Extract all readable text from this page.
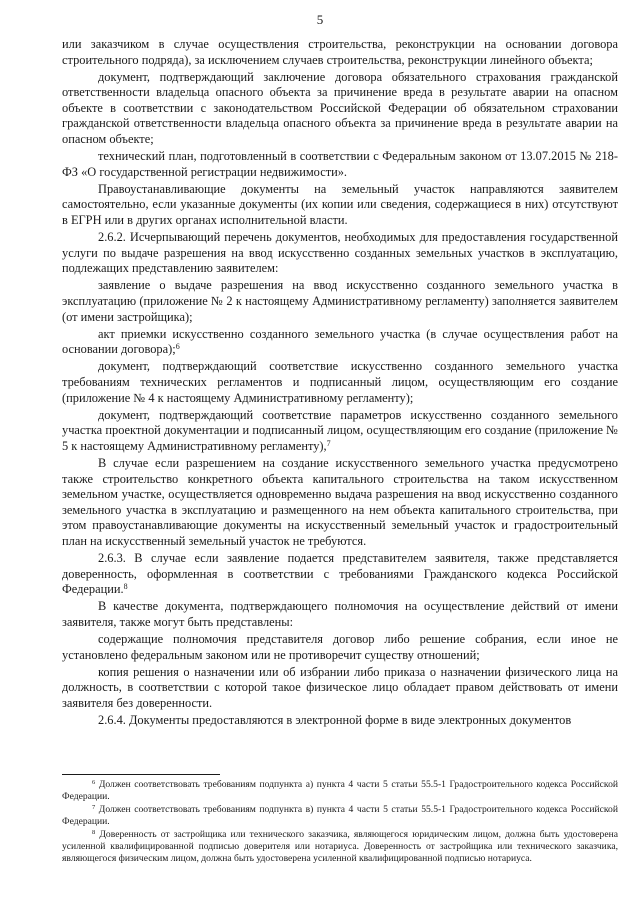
5

или заказчиком в случае осуществления строительства, реконструкции на основании договора строительного подряда), за исключением случаев строительства, реконструкции линейного объекта;

документ, подтверждающий заключение договора обязательного страхования гражданской ответственности владельца опасного объекта за причинение вреда в результате аварии на опасном объекте в соответствии с законодательством Российской Федерации об обязательном страховании гражданской ответственности владельца опасного объекта за причинение вреда в результате аварии на опасном объекте;

технический план, подготовленный в соответствии с Федеральным законом от 13.07.2015 № 218-ФЗ «О государственной регистрации недвижимости».

Правоустанавливающие документы на земельный участок направляются заявителем самостоятельно, если указанные документы (их копии или сведения, содержащиеся в них) отсутствуют в ЕГРН или в других органах исполнительной власти.

2.6.2. Исчерпывающий перечень документов, необходимых для предоставления государственной услуги по выдаче разрешения на ввод искусственно созданных земельных участков в эксплуатацию, подлежащих представлению заявителем:

заявление о выдаче разрешения на ввод искусственно созданного земельного участка в эксплуатацию (приложение № 2 к настоящему Административному регламенту) заполняется заявителем (от имени застройщика);

акт приемки искусственно созданного земельного участка (в случае осуществления работ на основании договора);$^6$

документ, подтверждающий соответствие искусственно созданного земельного участка требованиям технических регламентов и подписанный лицом, осуществляющим его создание (приложение № 4 к настоящему Административному регламенту);

документ, подтверждающий соответствие параметров искусственно созданного земельного участка проектной документации и подписанный лицом, осуществляющим его создание (приложение № 5 к настоящему Административному регламенту),$^7$

В случае если разрешением на создание искусственного земельного участка предусмотрено также строительство конкретного объекта капитального строительства на таком искусственном земельном участке, осуществляется одновременно выдача разрешения на ввод искусственно созданного земельного участка в эксплуатацию и размещенного на нем объекта капитального строительства, при этом правоустанавливающие документы на искусственный земельный участок и градостроительный план на искусственный земельный участок не требуются.

2.6.3. В случае если заявление подается представителем заявителя, также представляется доверенность, оформленная в соответствии с требованиями Гражданского кодекса Российской Федерации.$^8$

В качестве документа, подтверждающего полномочия на осуществление действий от имени заявителя, также могут быть представлены:

содержащие полномочия представителя договор либо решение собрания, если иное не установлено федеральным законом или не противоречит существу отношений;

копия решения о назначении или об избрании либо приказа о назначении физического лица на должность, в соответствии с которой такое физическое лицо обладает правом действовать от имени заявителя без доверенности.

2.6.4. Документы предоставляются в электронной форме в виде электронных документов

$^6$ Должен соответствовать требованиям подпункта а) пункта 4 части 5 статьи 55.5-1 Градостроительного кодекса Российской Федерации.

$^7$ Должен соответствовать требованиям подпункта в) пункта 4 части 5 статьи 55.5-1 Градостроительного кодекса Российской Федерации.

$^8$ Доверенность от застройщика или технического заказчика, являющегося юридическим лицом, должна быть удостоверена усиленной квалифицированной подписью доверителя или нотариуса. Доверенность от застройщика или технического заказчика, являющегося физическим лицом, должна быть удостоверена усиленной квалифицированной подписью нотариуса.
